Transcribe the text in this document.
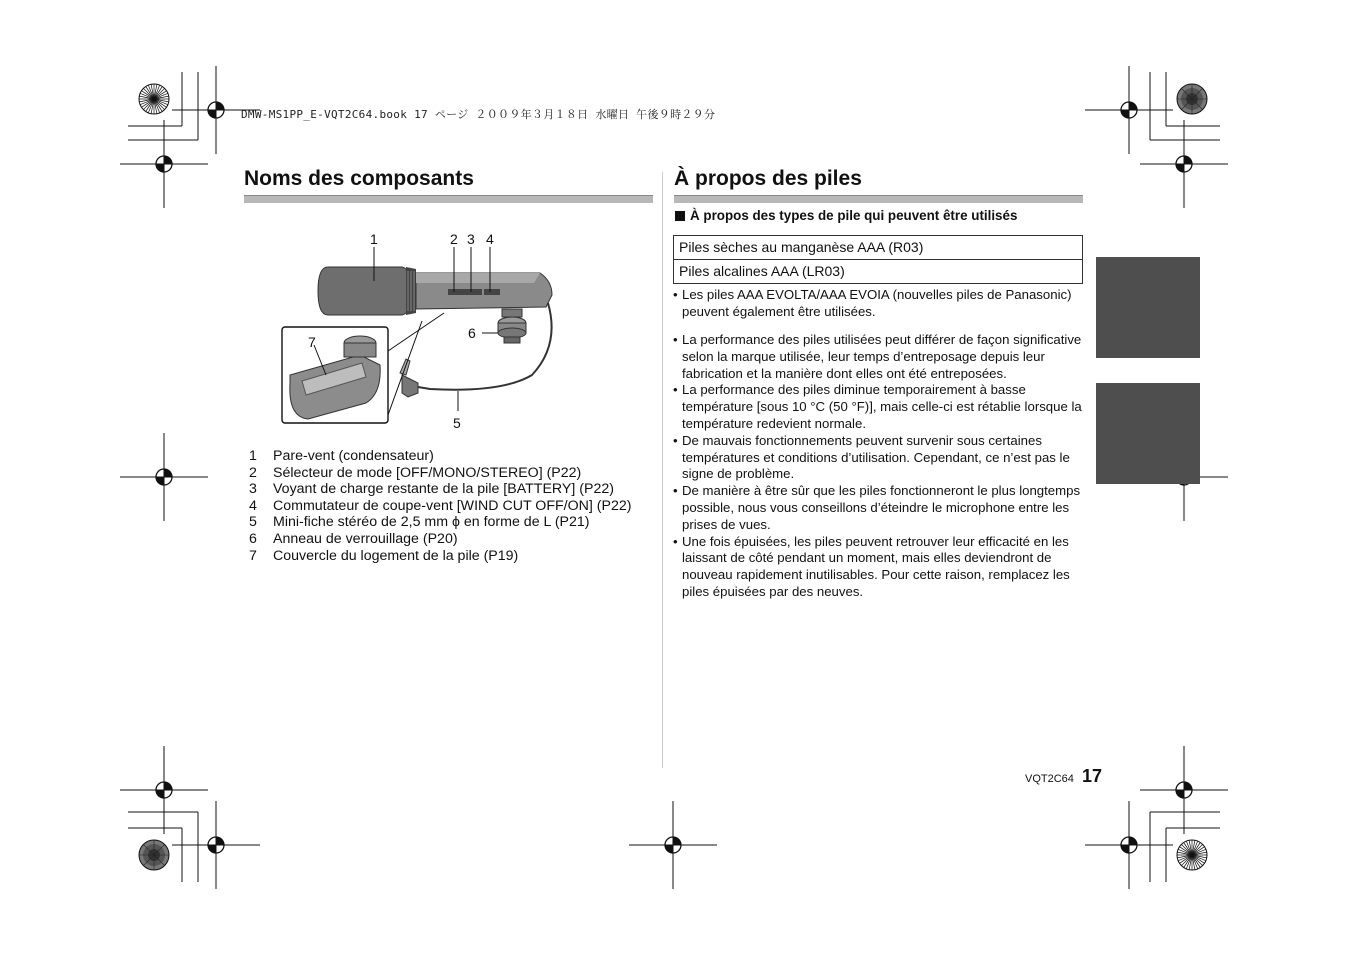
DMW-MS1PP_E-VQT2C64.book 17 ページ ２００９年３月１８日 水曜日 午後９時２９分
Noms des composants
1	2 3 4
5
6
7
1	Pare-vent (condensateur)
2	Sélecteur de mode [OFF/MONO/STEREO] (P22)
3	Voyant de charge restante de la pile [BATTERY] (P22)
4	Commutateur de coupe-vent [WIND CUT OFF/ON] (P22)
5	Mini-fiche stéréo de 2,5 mm ϕ en forme de L (P21)
6	Anneau de verrouillage (P20)
7	Couvercle du logement de la pile (P19)
À propos des piles
À propos des types de pile qui peuvent être utilisés
Piles sèches au manganèse AAA (R03)
Piles alcalines AAA (LR03)
• Les piles AAA EVOLTA/AAA EVOIA (nouvelles piles de Panasonic) peuvent également être utilisées.
• La performance des piles utilisées peut différer de façon significative selon la marque utilisée, leur temps d’entreposage depuis leur fabrication et la manière dont elles ont été entreposées.
• La performance des piles diminue temporairement à basse température [sous 10 °C (50 °F)], mais celle-ci est rétablie lorsque la température redevient normale.
• De mauvais fonctionnements peuvent survenir sous certaines températures et conditions d’utilisation. Cependant, ce n’est pas le signe de problème.
• De manière à être sûr que les piles fonctionneront le plus longtemps possible, nous vous conseillons d’éteindre le microphone entre les prises de vues.
• Une fois épuisées, les piles peuvent retrouver leur efficacité en les laissant de côté pendant un moment, mais elles deviendront de nouveau rapidement inutilisables. Pour cette raison, remplacez les piles épuisées par des neuves.
VQT2C64 17
